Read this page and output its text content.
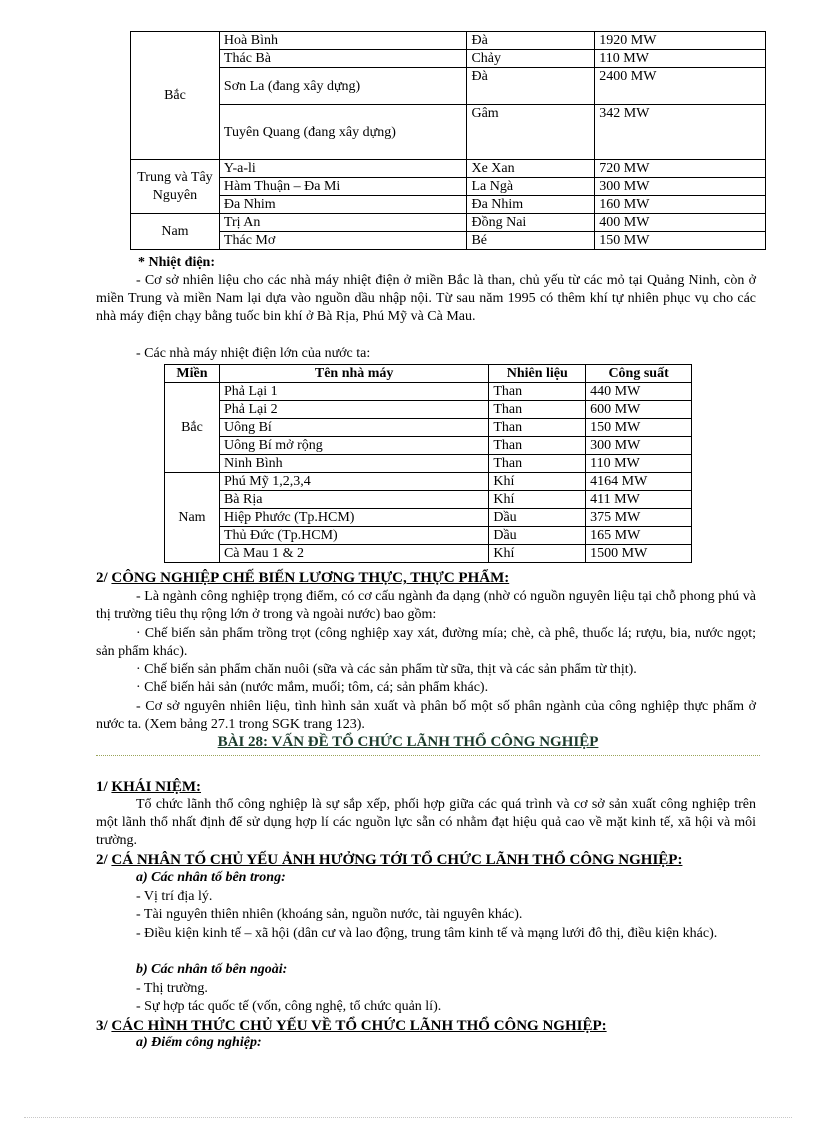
Bắc	Hoà Bình	Đà	1920 MW
	Thác Bà	Chảy	110 MW
	Sơn La (đang xây dựng)	Đà	2400 MW
	Tuyên Quang (đang xây dựng)	Gâm	342 MW
Trung và Tây Nguyên	Y-a-li	Xe Xan	720 MW
	Hàm Thuận – Đa Mi	La Ngà	300 MW
	Đa Nhim	Đa Nhim	160 MW
Nam	Trị An	Đồng Nai	400 MW
	Thác Mơ	Bé	150 MW
* Nhiệt điện:

- Cơ sở nhiên liệu cho các nhà máy nhiệt điện ở miền Bắc là than, chủ yếu từ các mỏ tại Quảng Ninh, còn ở miền Trung và miền Nam lại dựa vào nguồn dầu nhập nội. Từ sau năm 1995 có thêm khí tự nhiên phục vụ cho các nhà máy điện chạy bằng tuốc bin khí ở Bà Rịa, Phú Mỹ và Cà Mau.

- Các nhà máy nhiệt điện lớn của nước ta:

Miền	Tên nhà máy	Nhiên liệu	Công suất
Bắc	Phả Lại 1	Than	440 MW
	Phả Lại 2	Than	600 MW
	Uông Bí	Than	150 MW
	Uông Bí mở rộng	Than	300 MW
	Ninh Bình	Than	110 MW
Nam	Phú Mỹ 1,2,3,4	Khí	4164 MW
	Bà Rịa	Khí	411 MW
	Hiệp Phước (Tp.HCM)	Dầu	375 MW
	Thủ Đức (Tp.HCM)	Dầu	165 MW
	Cà Mau 1 & 2	Khí	1500 MW
2/ CÔNG NGHIỆP CHẾ BIẾN LƯƠNG THỰC, THỰC PHẨM:

- Là ngành công nghiệp trọng điểm, có cơ cấu ngành đa dạng (nhờ có nguồn nguyên liệu tại chỗ phong phú và thị trường tiêu thụ rộng lớn ở trong và ngoài nước) bao gồm:

· Chế biến sản phẩm trồng trọt (công nghiệp xay xát, đường mía; chè, cà phê, thuốc lá; rượu, bia, nước ngọt; sản phẩm khác).

· Chế biến sản phẩm chăn nuôi (sữa và các sản phẩm từ sữa, thịt và các sản phẩm từ thịt).

· Chế biến hải sản (nước mắm, muối; tôm, cá; sản phẩm khác).

- Cơ sở nguyên nhiên liệu, tình hình sản xuất và phân bố một số phân ngành của công nghiệp thực phẩm ở nước ta. (Xem bảng 27.1 trong SGK trang 123).

BÀI 28: VẤN ĐỀ TỔ CHỨC LÃNH THỔ CÔNG NGHIỆP
1/ KHÁI NIỆM:

Tổ chức lãnh thổ công nghiệp là sự sắp xếp, phối hợp giữa các quá trình và cơ sở sản xuất công nghiệp trên một lãnh thổ nhất định để sử dụng hợp lí các nguồn lực sẵn có nhằm đạt hiệu quả cao về mặt kinh tế, xã hội và môi trường.

2/ CÁ NHÂN TỐ CHỦ YẾU ẢNH HƯỞNG TỚI TỔ CHỨC LÃNH THỔ CÔNG NGHIỆP:
a) Các nhân tố bên trong:

- Vị trí địa lý.

- Tài nguyên thiên nhiên (khoáng sản, nguồn nước, tài nguyên khác).

- Điều kiện kinh tế – xã hội (dân cư và lao động, trung tâm kinh tế và mạng lưới đô thị, điều kiện khác).

b) Các nhân tố bên ngoài:

- Thị trường.

- Sự hợp tác quốc tế (vốn, công nghệ, tổ chức quản lí).

3/ CÁC HÌNH THỨC CHỦ YẾU VỀ TỔ CHỨC LÃNH THỔ CÔNG NGHIỆP:
a) Điểm công nghiệp:
